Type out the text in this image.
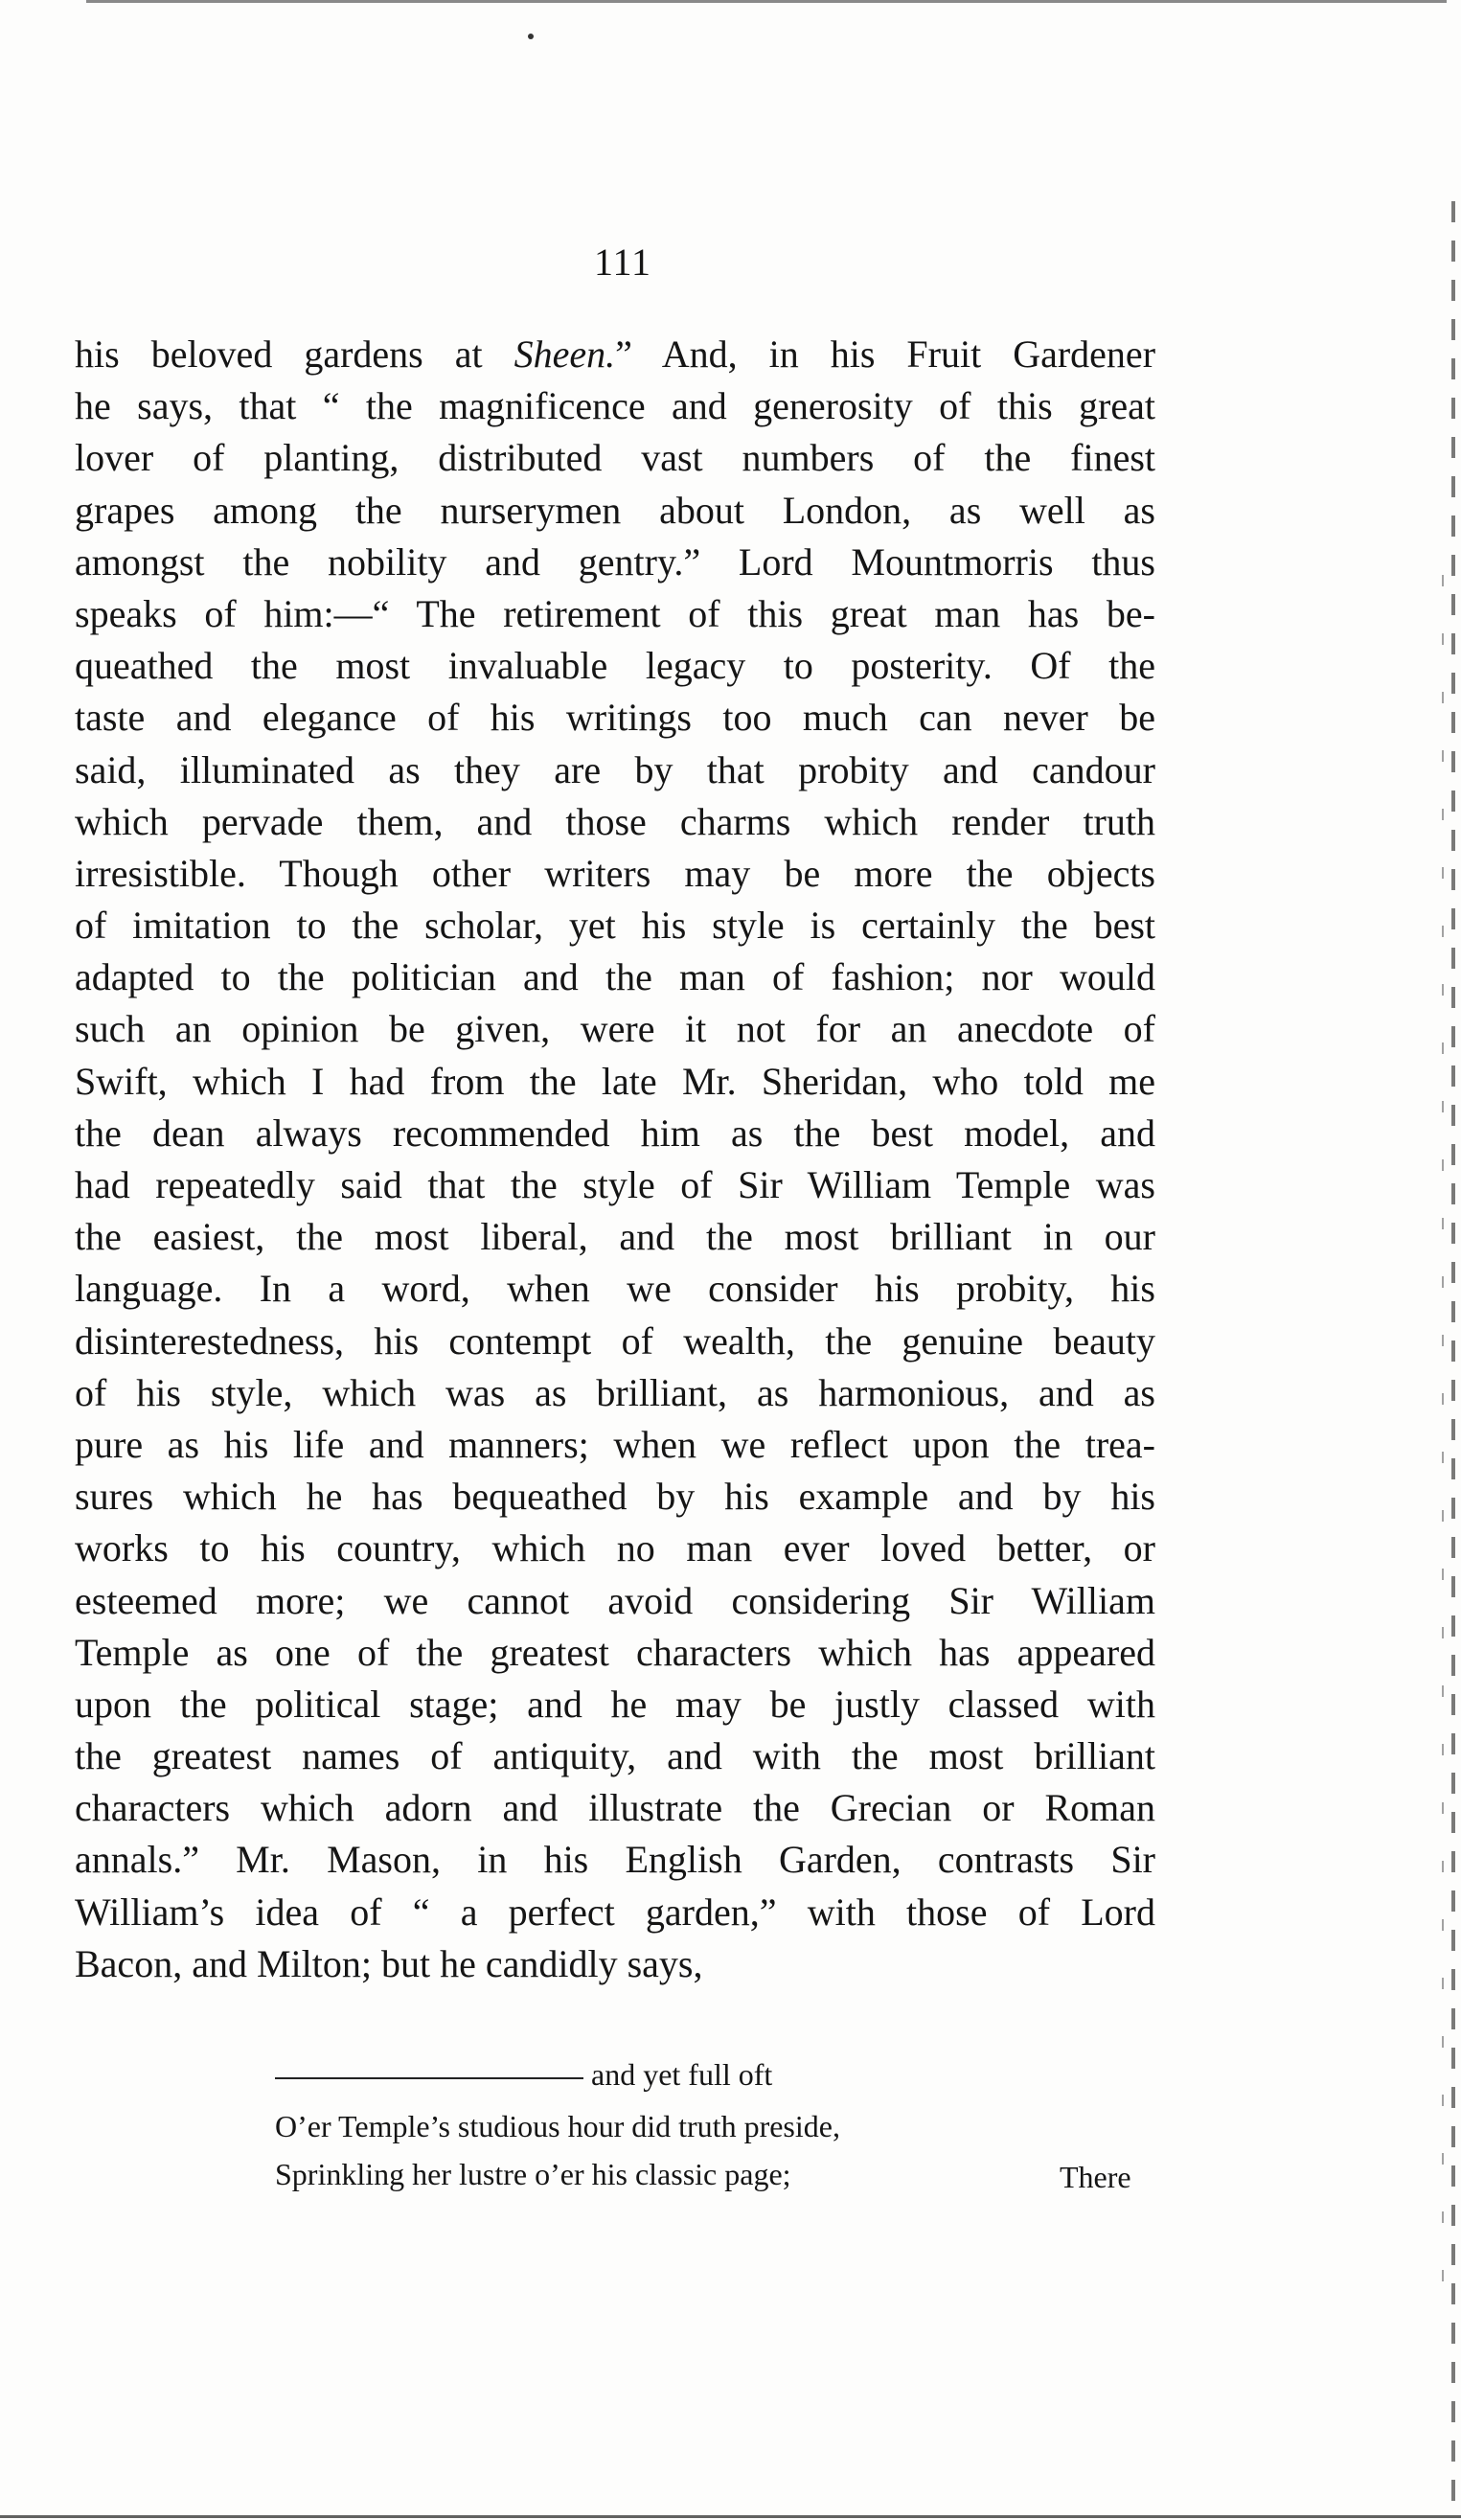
111
his beloved gardens at Sheen.” And, in his Fruit Gardener
he says, that “ the magnificence and generosity of this great
lover of planting, distributed vast numbers of the finest
grapes among the nurserymen about London, as well as
amongst the nobility and gentry.” Lord Mountmorris thus
speaks of him:—“ The retirement of this great man has be-
queathed the most invaluable legacy to posterity. Of the
taste and elegance of his writings too much can never be
said, illuminated as they are by that probity and candour
which pervade them, and those charms which render truth
irresistible. Though other writers may be more the objects
of imitation to the scholar, yet his style is certainly the best
adapted to the politician and the man of fashion; nor would
such an opinion be given, were it not for an anecdote of
Swift, which I had from the late Mr. Sheridan, who told me
the dean always recommended him as the best model, and
had repeatedly said that the style of Sir William Temple was
the easiest, the most liberal, and the most brilliant in our
language. In a word, when we consider his probity, his
disinterestedness, his contempt of wealth, the genuine beauty
of his style, which was as brilliant, as harmonious, and as
pure as his life and manners; when we reflect upon the trea-
sures which he has bequeathed by his example and by his
works to his country, which no man ever loved better, or
esteemed more; we cannot avoid considering Sir William
Temple as one of the greatest characters which has appeared
upon the political stage; and he may be justly classed with
the greatest names of antiquity, and with the most brilliant
characters which adorn and illustrate the Grecian or Roman
annals.” Mr. Mason, in his English Garden, contrasts Sir
William’s idea of “ a perfect garden,” with those of Lord
Bacon, and Milton; but he candidly says,
and yet full oft
O’er Temple’s studious hour did truth preside,
Sprinkling her lustre o’er his classic page;	There
